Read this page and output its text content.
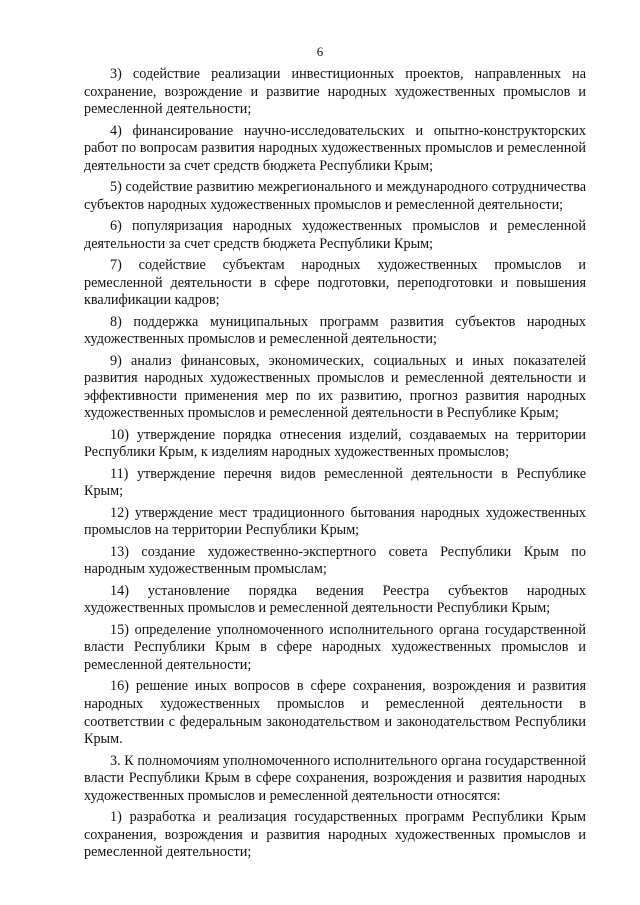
6

3) содействие реализации инвестиционных проектов, направленных на сохранение, возрождение и развитие народных художественных промыслов и ремесленной деятельности;

4) финансирование научно-исследовательских и опытно-конструкторских работ по вопросам развития народных художественных промыслов и ремесленной деятельности за счет средств бюджета Республики Крым;

5) содействие развитию межрегионального и международного сотрудничества субъектов народных художественных промыслов и ремесленной деятельности;

6) популяризация народных художественных промыслов и ремесленной деятельности за счет средств бюджета Республики Крым;

7) содействие субъектам народных художественных промыслов и ремесленной деятельности в сфере подготовки, переподготовки и повышения квалификации кадров;

8) поддержка муниципальных программ развития субъектов народных художественных промыслов и ремесленной деятельности;

9) анализ финансовых, экономических, социальных и иных показателей развития народных художественных промыслов и ремесленной деятельности и эффективности применения мер по их развитию, прогноз развития народных художественных промыслов и ремесленной деятельности в Республике Крым;

10) утверждение порядка отнесения изделий, создаваемых на территории Республики Крым, к изделиям народных художественных промыслов;

11) утверждение перечня видов ремесленной деятельности в Республике Крым;

12) утверждение мест традиционного бытования народных художественных промыслов на территории Республики Крым;

13) создание художественно-экспертного совета Республики Крым по народным художественным промыслам;

14) установление порядка ведения Реестра субъектов народных художественных промыслов и ремесленной деятельности Республики Крым;

15) определение уполномоченного исполнительного органа государственной власти Республики Крым в сфере народных художественных промыслов и ремесленной деятельности;

16) решение иных вопросов в сфере сохранения, возрождения и развития народных художественных промыслов и ремесленной деятельности в соответствии с федеральным законодательством и законодательством Республики Крым.

3. К полномочиям уполномоченного исполнительного органа государственной власти Республики Крым в сфере сохранения, возрождения и развития народных художественных промыслов и ремесленной деятельности относятся:

1) разработка и реализация государственных программ Республики Крым сохранения, возрождения и развития народных художественных промыслов и ремесленной деятельности;
